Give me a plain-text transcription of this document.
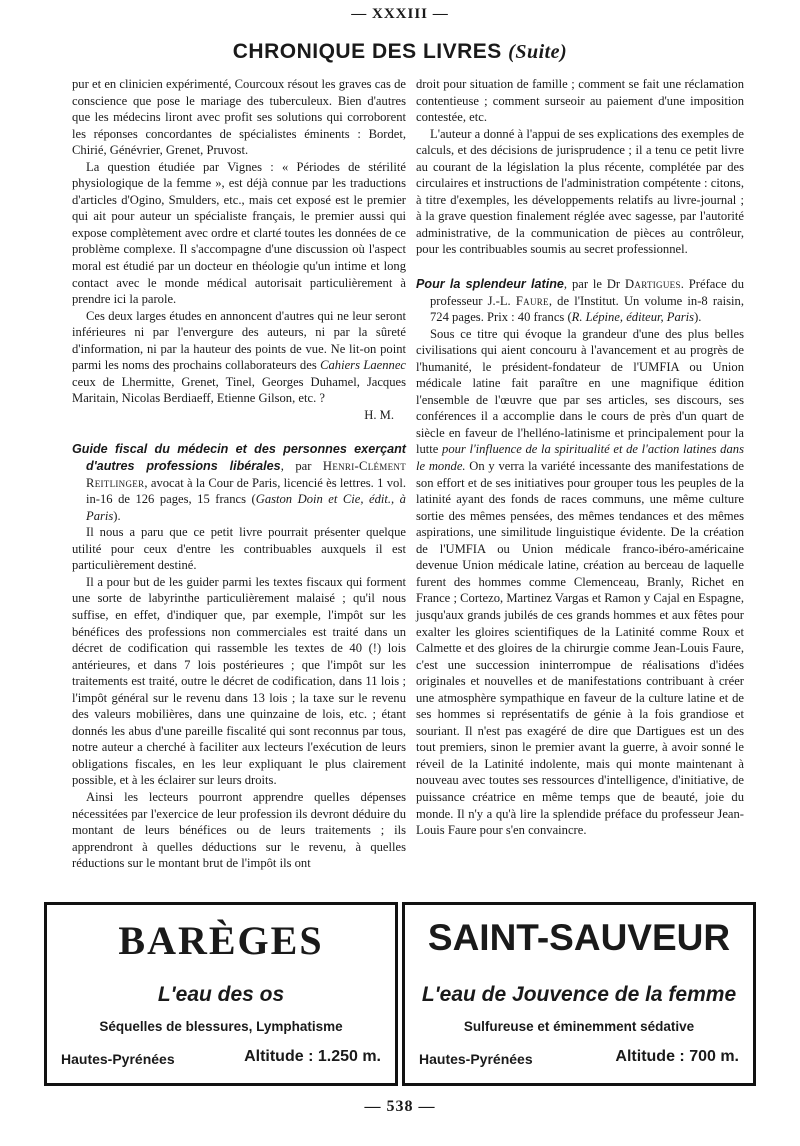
— XXXIII —
CHRONIQUE DES LIVRES (Suite)

pur et en clinicien expérimenté, Courcoux résout les graves cas de conscience que pose le mariage des tuberculeux. Bien d'autres que les médecins liront avec profit ses solutions qui corroborent les réponses concordantes de spécialistes éminents : Bordet, Chirié, Génévrier, Grenet, Pruvost.

La question étudiée par Vignes : « Périodes de stérilité physiologique de la femme », est déjà connue par les traductions d'articles d'Ogino, Smulders, etc., mais cet exposé est le premier qui ait pour auteur un spécialiste français, le premier aussi qui expose complètement avec ordre et clarté toutes les données de ce problème complexe. Il s'accompagne d'une discussion où l'aspect moral est étudié par un docteur en théologie qu'un intime et long contact avec le monde médical autorisait particulièrement à prendre ici la parole.

Ces deux larges études en annoncent d'autres qui ne leur seront inférieures ni par l'envergure des auteurs, ni par la sûreté d'information, ni par la hauteur des points de vue. Ne lit-on point parmi les noms des prochains collaborateurs des Cahiers Laennec ceux de Lhermitte, Grenet, Tinel, Georges Duhamel, Jacques Maritain, Nicolas Berdiaeff, Etienne Gilson, etc. ?

H. M.

Guide fiscal du médecin et des personnes exerçant d'autres professions libérales, par Henri-Clément Reitlinger, avocat à la Cour de Paris, licencié ès lettres. 1 vol. in-16 de 126 pages, 15 francs (Gaston Doin et Cie, édit., à Paris).

Il nous a paru que ce petit livre pourrait présenter quelque utilité pour ceux d'entre les contribuables auxquels il est particulièrement destiné.

Il a pour but de les guider parmi les textes fiscaux qui forment une sorte de labyrinthe particulièrement malaisé ; qu'il nous suffise, en effet, d'indiquer que, par exemple, l'impôt sur les bénéfices des professions non commerciales est traité dans un décret de codification qui rassemble les textes de 40 (!) lois antérieures, et dans 7 lois postérieures ; que l'impôt sur les traitements est traité, outre le décret de codification, dans 11 lois ; l'impôt général sur le revenu dans 13 lois ; la taxe sur le revenu des valeurs mobilières, dans une quinzaine de lois, etc. ; étant donnés les abus d'une pareille fiscalité qui sont reconnus par tous, notre auteur a cherché à faciliter aux lecteurs l'exécution de leurs obligations fiscales, en les leur expliquant le plus clairement possible, et à les éclairer sur leurs droits.

Ainsi les lecteurs pourront apprendre quelles dépenses nécessitées par l'exercice de leur profession ils devront déduire du montant de leurs bénéfices ou de leurs traitements ; ils apprendront à quelles déductions sur le revenu, à quelles réductions sur le montant brut de l'impôt ils ont

droit pour situation de famille ; comment se fait une réclamation contentieuse ; comment surseoir au paiement d'une imposition contestée, etc.

L'auteur a donné à l'appui de ses explications des exemples de calculs, et des décisions de jurisprudence ; il a tenu ce petit livre au courant de la législation la plus récente, complétée par des circulaires et instructions de l'administration compétente : citons, à titre d'exemples, les développements relatifs au livre-journal ; à la grave question finalement réglée avec sagesse, par l'autorité administrative, de la communication de pièces au contrôleur, pour les contribuables soumis au secret professionnel.

Pour la splendeur latine, par le Dr Dartigues. Préface du professeur J.-L. Faure, de l'Institut. Un volume in-8 raisin, 724 pages. Prix : 40 francs (R. Lépine, éditeur, Paris).

Sous ce titre qui évoque la grandeur d'une des plus belles civilisations qui aient concouru à l'avancement et au progrès de l'humanité, le président-fondateur de l'UMFIA ou Union médicale latine fait paraître en une magnifique édition l'ensemble de l'œuvre que par ses articles, ses discours, ses conférences il a accomplie dans le cours de près d'un quart de siècle en faveur de l'helléno-latinisme et principalement pour la lutte pour l'influence de la spiritualité et de l'action latines dans le monde. On y verra la variété incessante des manifestations de son effort et de ses initiatives pour grouper tous les peuples de la latinité ayant des fonds de races communs, une même culture sortie des mêmes pensées, des mêmes tendances et des mêmes aspirations, une similitude linguistique évidente. De la création de l'UMFIA ou Union médicale franco-ibéro-américaine devenue Union médicale latine, création au berceau de laquelle furent des hommes comme Clemenceau, Branly, Richet en France ; Cortezo, Martinez Vargas et Ramon y Cajal en Espagne, jusqu'aux grands jubilés de ces grands hommes et aux fêtes pour exalter les gloires scientifiques de la Latinité comme Roux et Calmette et des gloires de la chirurgie comme Jean-Louis Faure, c'est une succession ininterrompue de réalisations d'idées originales et nouvelles et de manifestations contribuant à créer une atmosphère sympathique en faveur de la culture latine et de ses hommes si représentatifs de génie à la fois grandiose et souriant. Il n'est pas exagéré de dire que Dartigues est un des tout premiers, sinon le premier avant la guerre, à avoir sonné le réveil de la Latinité indolente, mais qui monte maintenant à nouveau avec toutes ses ressources d'intelligence, d'initiative, de puissance créatrice en même temps que de beauté, joie du monde. Il n'y a qu'à lire la splendide préface du professeur Jean-Louis Faure pour s'en convaincre.

BARÈGES
L'eau des os
Séquelles de blessures, Lymphatisme
Hautes-Pyrénées	Altitude : 1.250 m.
SAINT-SAUVEUR
L'eau de Jouvence de la femme
Sulfureuse et éminemment sédative
Hautes-Pyrénées	Altitude : 700 m.
— 538 —
